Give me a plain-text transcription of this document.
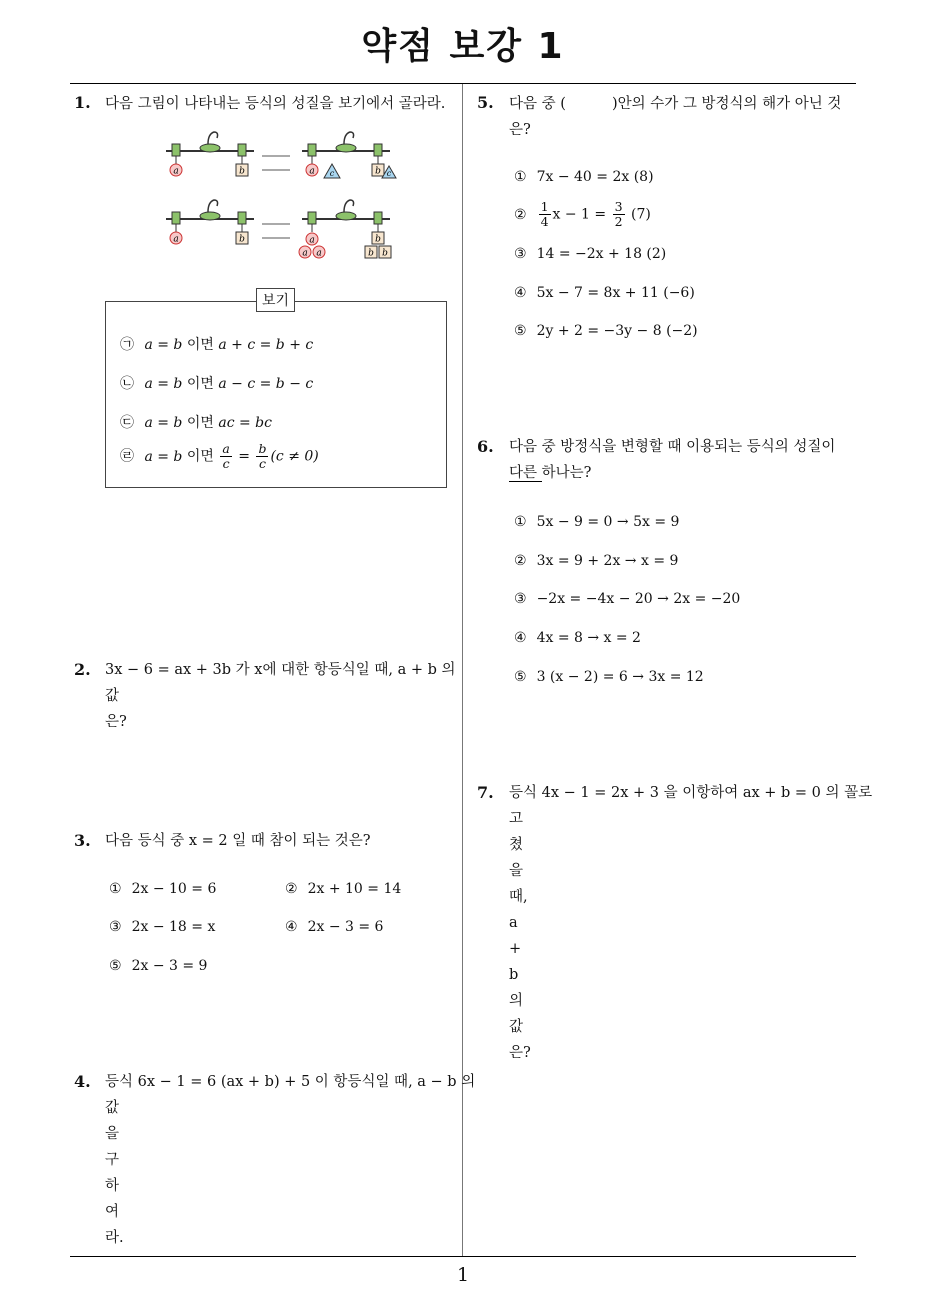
약점 보강 1
1
1. 다음 그림이 나타내는 등식의 성질을 보기에서 골라라.
a	b	a c	b c
a	b	a
a a
b
b b
보기
㉠ a = b 이면 a + c = b + c
㉡ a = b 이면 a − c = b − c
㉢ a = b 이면 ac = bc
㉣ a = b 이면 $\frac{a}{c} = \frac{b}{c} (c \ne 0)$
2. 3x − 6 = ax + 3b 가 x에 대한 항등식일 때, a + b 의
값은?
3. 다음 등식 중 x = 2 일 때 참이 되는 것은?
① 2x − 10 = 6	② 2x + 10 = 14
③ 2x − 18 = x	④ 2x − 3 = 6
⑤ 2x − 3 = 9
4. 등식 6x − 1 = 6 (ax + b) + 5 이 항등식일 때, a − b 의
값을 구하여라.
5. 다음 중 (          )안의 수가 그 방정식의 해가 아닌 것
은?
① 7x − 40 = 2x (8)
② $\frac{1}{4}$ $x - 1 = \frac{3}{2} (7)$
③ 14 = −2x + 18 (2)
④ 5x − 7 = 8x + 11 (−6)
⑤ 2y + 2 = −3y − 8 (−2)
6. 다음 중 방정식을 변형할 때 이용되는 등식의 성질이
다른 하나는?
① 5x − 9 = 0 → 5x = 9
② 3x = 9 + 2x → x = 9
③ −2x = −4x − 20 → 2x = −20
④ 4x = 8 → x = 2
⑤ 3 (x − 2) = 6 → 3x = 12
7. 등식 4x − 1 = 2x + 3 을 이항하여 ax + b = 0 의 꼴로
고쳤을 때, a + b 의 값은?
